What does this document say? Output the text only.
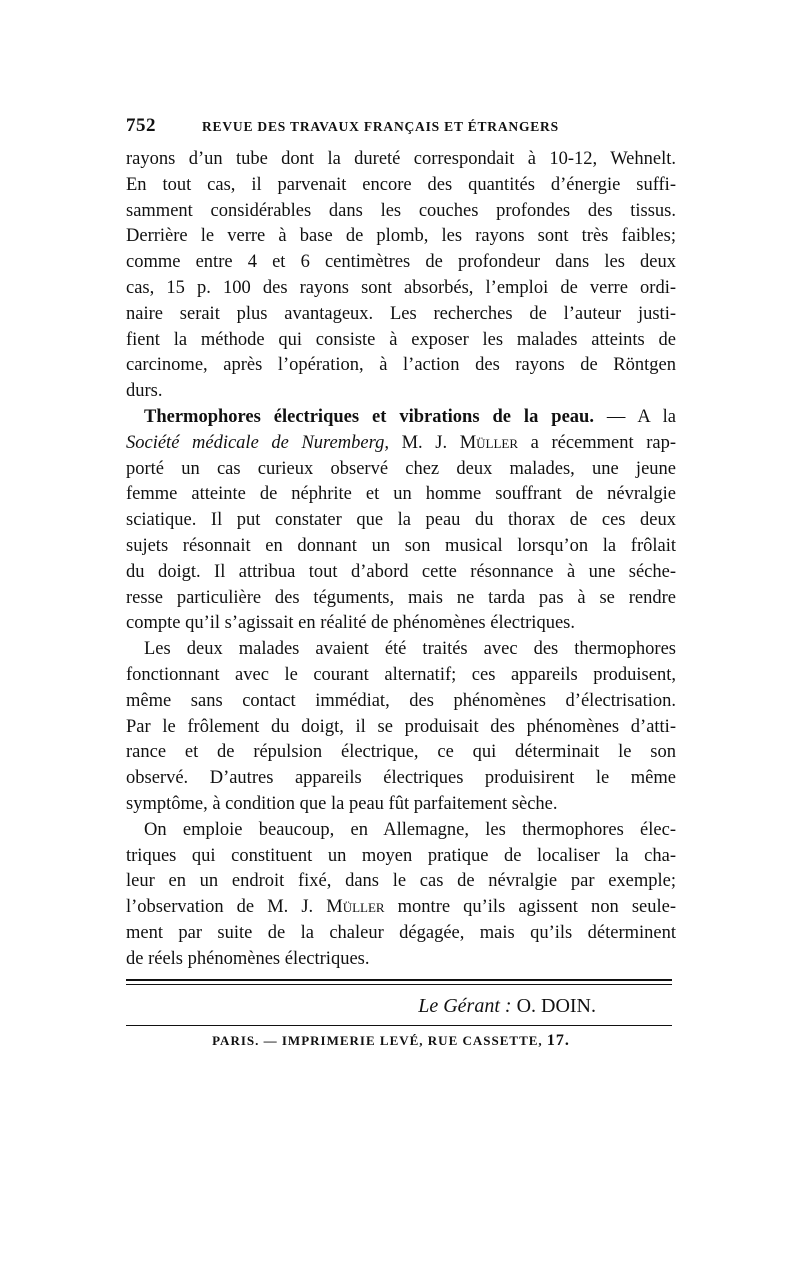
752	REVUE DES TRAVAUX FRANÇAIS ET ÉTRANGERS
rayons d’un tube dont la dureté correspondait à 10-12, Wehnelt.
En tout cas, il parvenait encore des quantités d’énergie suffi-
samment considérables dans les couches profondes des tissus.
Derrière le verre à base de plomb, les rayons sont très faibles;
comme entre 4 et 6 centimètres de profondeur dans les deux
cas, 15 p. 100 des rayons sont absorbés, l’emploi de verre ordi-
naire serait plus avantageux. Les recherches de l’auteur justi-
fient la méthode qui consiste à exposer les malades atteints de
carcinome, après l’opération, à l’action des rayons de Röntgen
durs.
Thermophores électriques et vibrations de la peau. — A la
Société médicale de Nuremberg, M. J. Müller a récemment rap-
porté un cas curieux observé chez deux malades, une jeune
femme atteinte de néphrite et un homme souffrant de névralgie
sciatique. Il put constater que la peau du thorax de ces deux
sujets résonnait en donnant un son musical lorsqu’on la frôlait
du doigt. Il attribua tout d’abord cette résonnance à une séche-
resse particulière des téguments, mais ne tarda pas à se rendre
compte qu’il s’agissait en réalité de phénomènes électriques.
Les deux malades avaient été traités avec des thermophores
fonctionnant avec le courant alternatif; ces appareils produisent,
même sans contact immédiat, des phénomènes d’électrisation.
Par le frôlement du doigt, il se produisait des phénomènes d’atti-
rance et de répulsion électrique, ce qui déterminait le son
observé. D’autres appareils électriques produisirent le même
symptôme, à condition que la peau fût parfaitement sèche.
On emploie beaucoup, en Allemagne, les thermophores élec-
triques qui constituent un moyen pratique de localiser la cha-
leur en un endroit fixé, dans le cas de névralgie par exemple;
l’observation de M. J. Müller montre qu’ils agissent non seule-
ment par suite de la chaleur dégagée, mais qu’ils déterminent
de réels phénomènes électriques.
Le Gérant : O. DOIN.
PARIS. — IMPRIMERIE LEVÉ, RUE CASSETTE, 17.
